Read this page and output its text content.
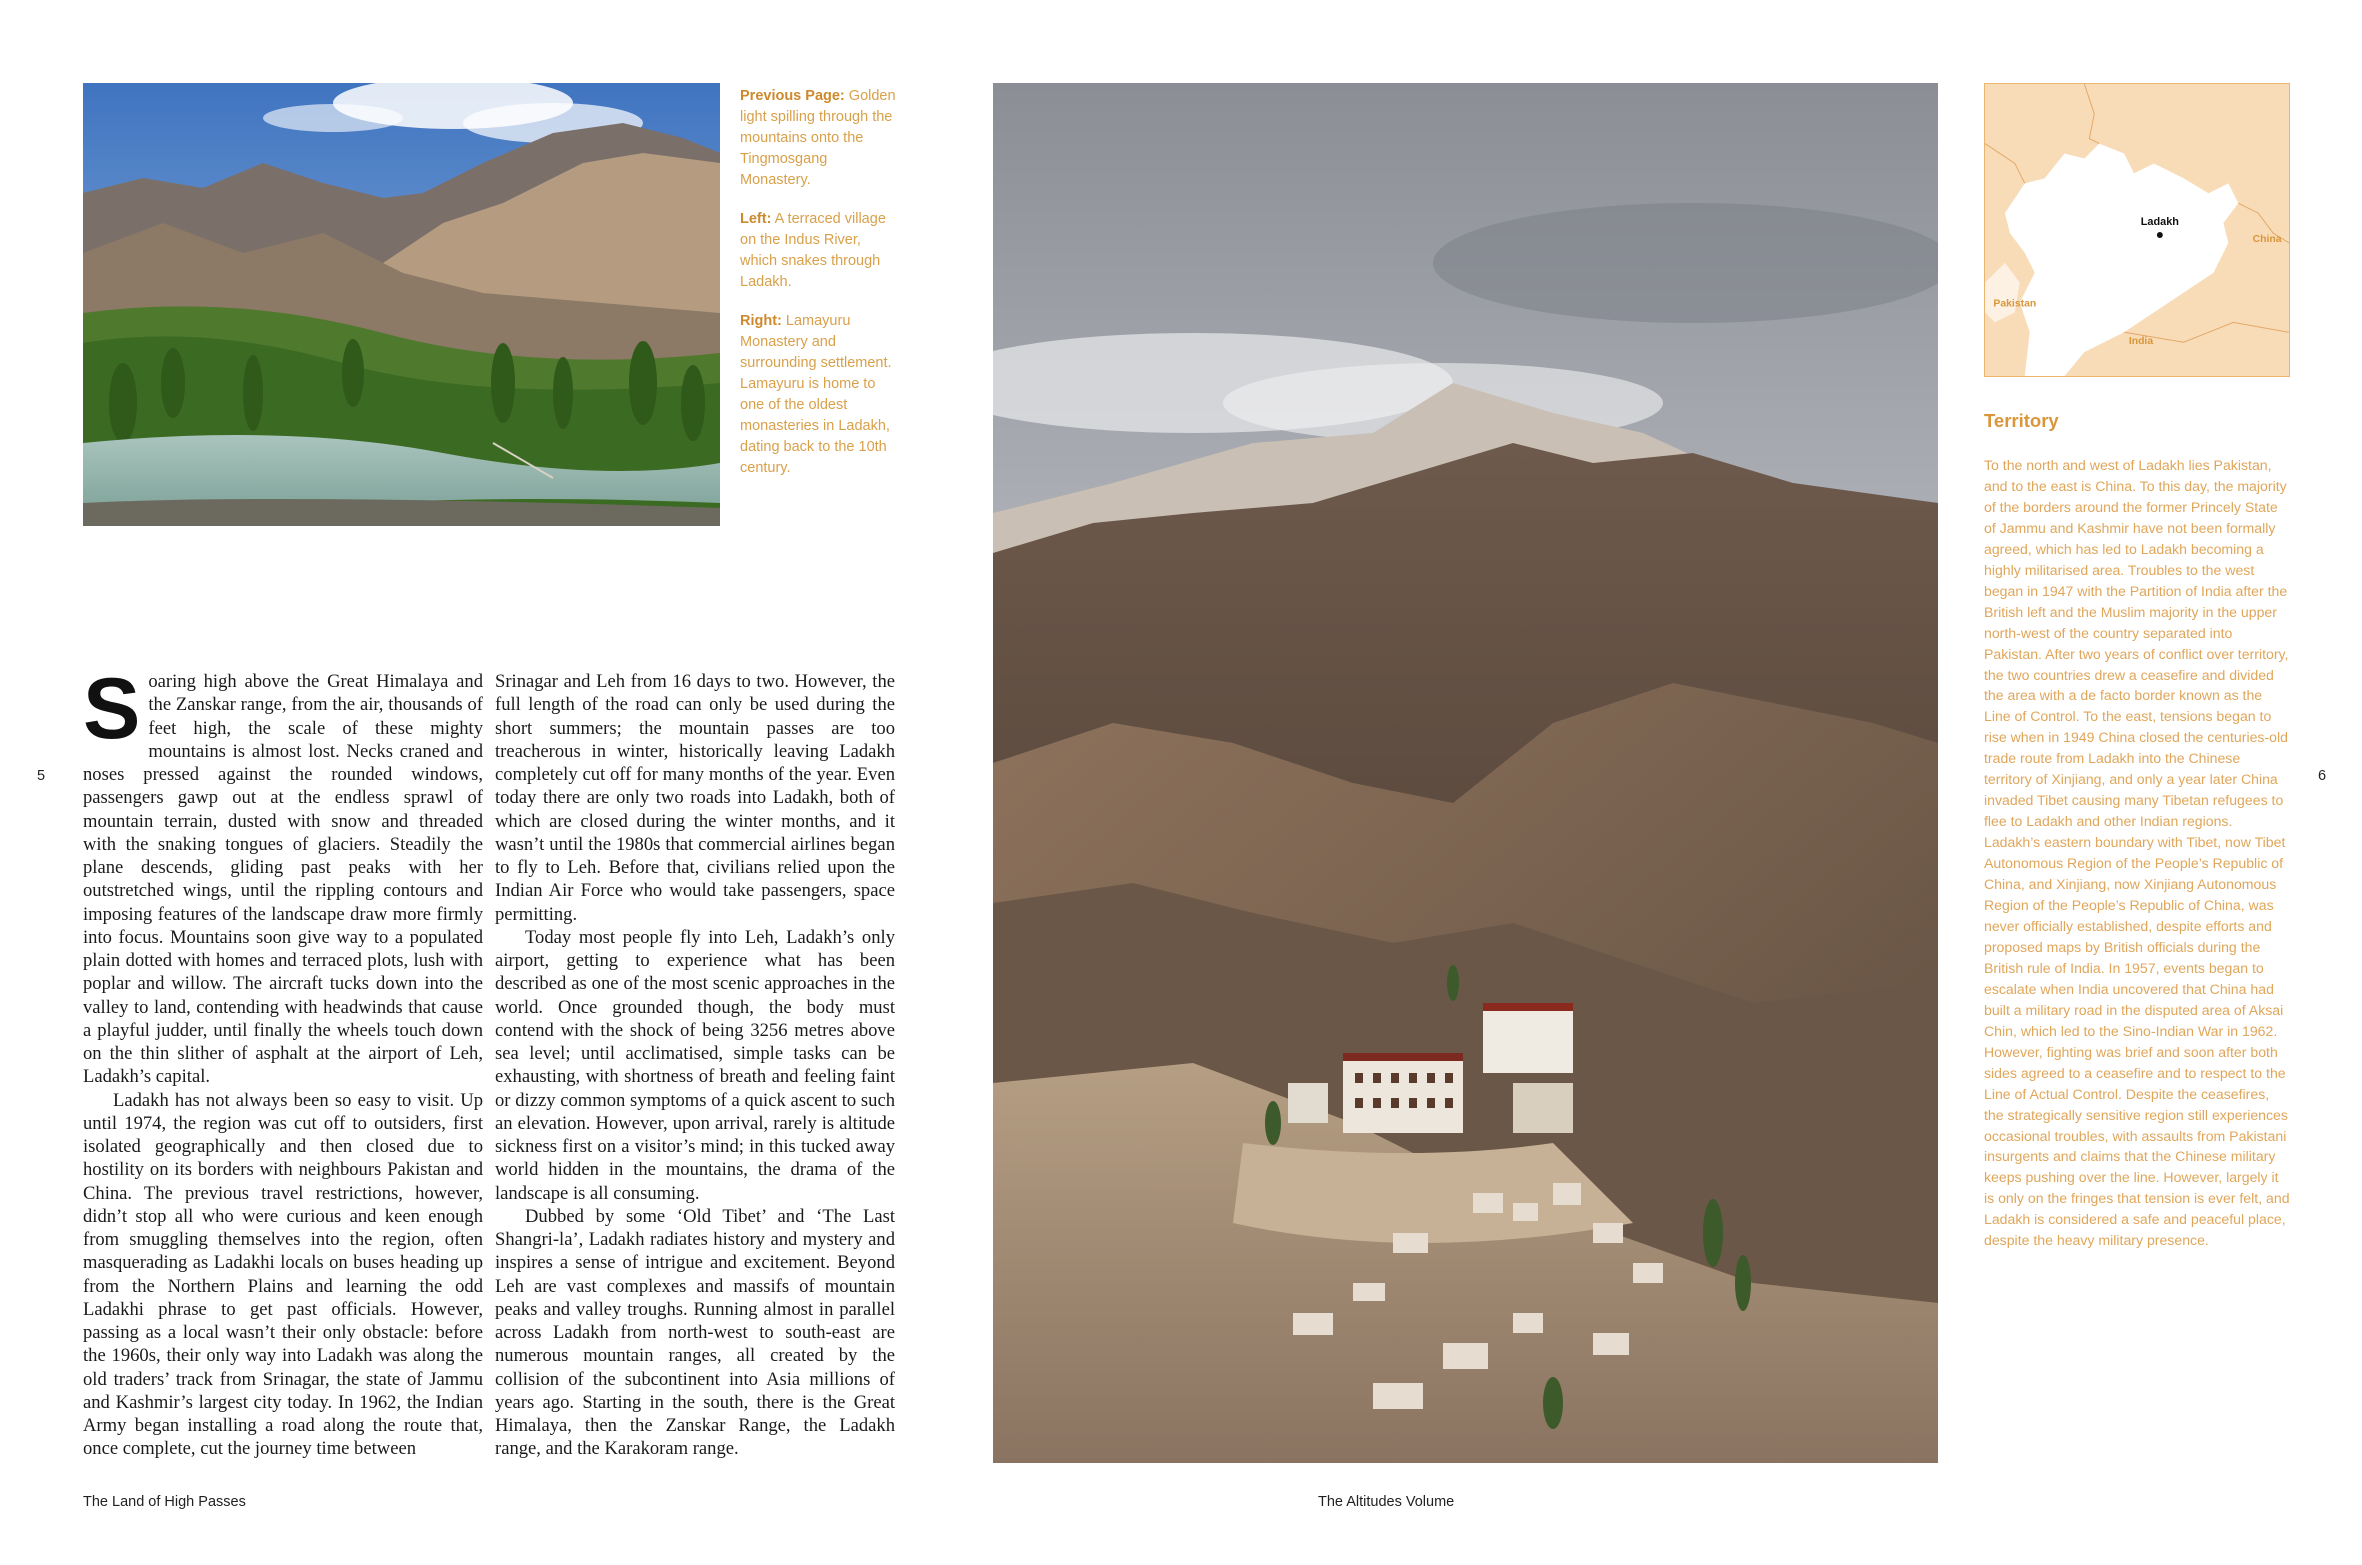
Previous Page: Golden light spilling through the mountains onto the Tingmosgang Monastery.

Left: A terraced village on the Indus River, which snakes through Ladakh.

Right: Lamayuru Monastery and surrounding settlement. Lamayuru is home to one of the oldest monasteries in Ladakh, dating back to the 10th century.

Soaring high above the Great Himalaya and the Zanskar range, from the air, thousands of feet high, the scale of these mighty mountains is almost lost. Necks craned and noses pressed against the rounded windows, passengers gawp out at the endless sprawl of mountain terrain, dusted with snow and threaded with the snaking tongues of glaciers. Steadily the plane descends, gliding past peaks with her outstretched wings, until the rippling contours and imposing features of the landscape draw more firmly into focus. Mountains soon give way to a populated plain dotted with homes and terraced plots, lush with poplar and willow. The aircraft tucks down into the valley to land, contending with headwinds that cause a playful judder, until finally the wheels touch down on the thin slither of asphalt at the airport of Leh, Ladakh’s capital.

Ladakh has not always been so easy to visit. Up until 1974, the region was cut off to outsiders, first isolated geographically and then closed due to hostility on its borders with neighbours Pakistan and China. The previous travel restrictions, however, didn’t stop all who were curious and keen enough from smuggling themselves into the region, often masquerading as Ladakhi locals on buses heading up from the Northern Plains and learning the odd Ladakhi phrase to get past officials. However, passing as a local wasn’t their only obstacle: before the 1960s, their only way into Ladakh was along the old traders’ track from Srinagar, the state of Jammu and Kashmir’s largest city today. In 1962, the Indian Army began installing a road along the route that, once complete, cut the journey time between

Srinagar and Leh from 16 days to two. However, the full length of the road can only be used during the short summers; the mountain passes are too treacherous in winter, historically leaving Ladakh completely cut off for many months of the year. Even today there are only two roads into Ladakh, both of which are closed during the winter months, and it wasn’t until the 1980s that commercial airlines began to fly to Leh. Before that, civilians relied upon the Indian Air Force who would take passengers, space permitting.

Today most people fly into Leh, Ladakh’s only airport, getting to experience what has been described as one of the most scenic approaches in the world. Once grounded though, the body must contend with the shock of being 3256 metres above sea level; until acclimatised, simple tasks can be exhausting, with shortness of breath and feeling faint or dizzy common symptoms of a quick ascent to such an elevation. However, upon arrival, rarely is altitude sickness first on a visitor’s mind; in this tucked away world hidden in the mountains, the drama of the landscape is all consuming.

Dubbed by some ‘Old Tibet’ and ‘The Last Shangri-la’, Ladakh radiates history and mystery and inspires a sense of intrigue and excitement. Beyond Leh are vast complexes and massifs of mountain peaks and valley troughs. Running almost in parallel across Ladakh from north-west to south-east are numerous mountain ranges, all created by the collision of the subcontinent into Asia millions of years ago. Starting in the south, there is the Great Himalaya, then the Zanskar Range, the Ladakh range, and the Karakoram range.

Ladakh
China
Pakistan
India
Territory

To the north and west of Ladakh lies Pakistan, and to the east is China. To this day, the majority of the borders around the former Princely State of Jammu and Kashmir have not been formally agreed, which has led to Ladakh becoming a highly militarised area. Troubles to the west began in 1947 with the Partition of India after the British left and the Muslim majority in the upper north-west of the country separated into Pakistan. After two years of conflict over territory, the two countries drew a ceasefire and divided the area with a de facto border known as the Line of Control. To the east, tensions began to rise when in 1949 China closed the centuries-old trade route from Ladakh into the Chinese territory of Xinjiang, and only a year later China invaded Tibet causing many Tibetan refugees to flee to Ladakh and other Indian regions. Ladakh’s eastern boundary with Tibet, now Tibet Autonomous Region of the People’s Republic of China, and Xinjiang, now Xinjiang Autonomous Region of the People’s Republic of China, was never officially established, despite efforts and proposed maps by British officials during the British rule of India. In 1957, events began to escalate when India uncovered that China had built a military road in the disputed area of Aksai Chin, which led to the Sino-Indian War in 1962. However, fighting was brief and soon after both sides agreed to a ceasefire and to respect to the Line of Actual Control. Despite the ceasefires, the strategically sensitive region still experiences occasional troubles, with assaults from Pakistani insurgents and claims that the Chinese military keeps pushing over the line. However, largely it is only on the fringes that tension is ever felt, and Ladakh is considered a safe and peaceful place, despite the heavy military presence.

5	6
The Land of High Passes	The Altitudes Volume
